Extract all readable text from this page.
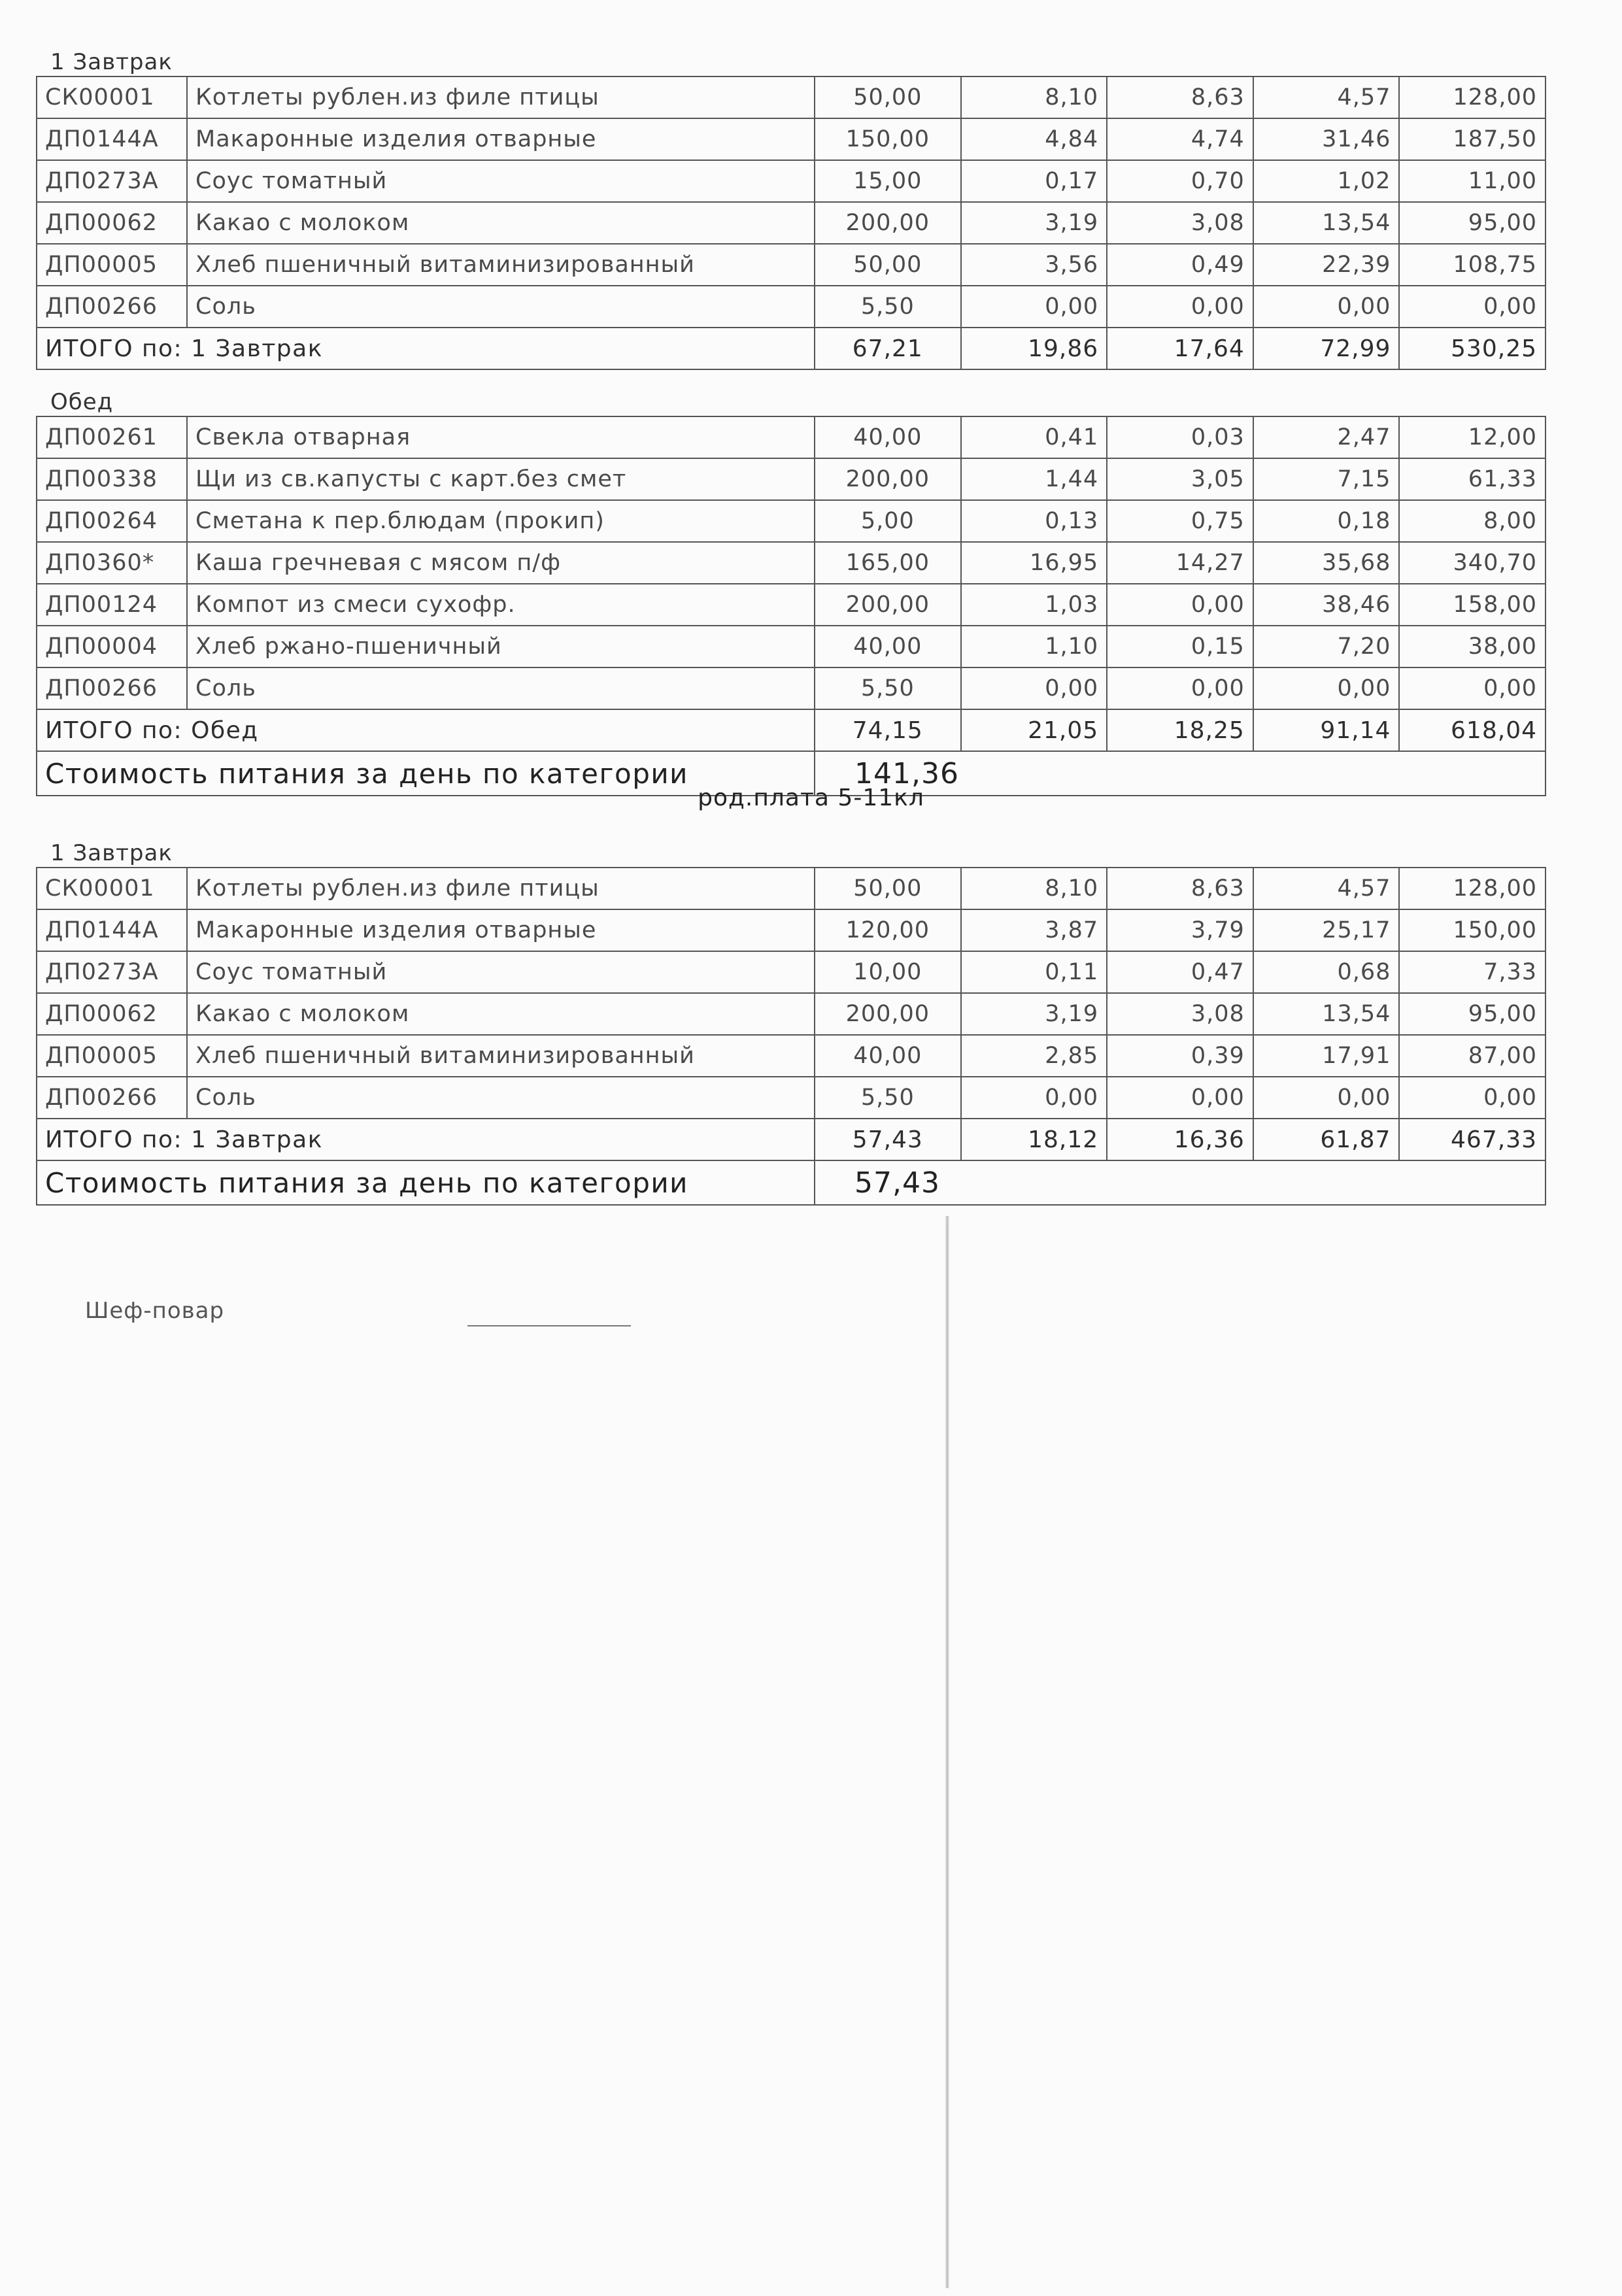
1 Завтрак
СК00001	Котлеты рублен.из филе птицы	50,00	8,10	8,63	4,57	128,00
ДП0144А	Макаронные изделия отварные	150,00	4,84	4,74	31,46	187,50
ДП0273А	Соус томатный	15,00	0,17	0,70	1,02	11,00
ДП00062	Какао с молоком	200,00	3,19	3,08	13,54	95,00
ДП00005	Хлеб пшеничный витаминизированный	50,00	3,56	0,49	22,39	108,75
ДП00266	Соль	5,50	0,00	0,00	0,00	0,00
ИТОГО по: 1 Завтрак		67,21	19,86	17,64	72,99	530,25
Обед
ДП00261	Свекла отварная	40,00	0,41	0,03	2,47	12,00
ДП00338	Щи из св.капусты с карт.без смет	200,00	1,44	3,05	7,15	61,33
ДП00264	Сметана к пер.блюдам (прокип)	5,00	0,13	0,75	0,18	8,00
ДП0360*	Каша гречневая с мясом п/ф	165,00	16,95	14,27	35,68	340,70
ДП00124	Компот из смеси сухофр.	200,00	1,03	0,00	38,46	158,00
ДП00004	Хлеб ржано-пшеничный	40,00	1,10	0,15	7,20	38,00
ДП00266	Соль	5,50	0,00	0,00	0,00	0,00
ИТОГО по: Обед		74,15	21,05	18,25	91,14	618,04
Стоимость питания за день по категории		141,36				
род.плата 5-11кл
1 Завтрак
СК00001	Котлеты рублен.из филе птицы	50,00	8,10	8,63	4,57	128,00
ДП0144А	Макаронные изделия отварные	120,00	3,87	3,79	25,17	150,00
ДП0273А	Соус томатный	10,00	0,11	0,47	0,68	7,33
ДП00062	Какао с молоком	200,00	3,19	3,08	13,54	95,00
ДП00005	Хлеб пшеничный витаминизированный	40,00	2,85	0,39	17,91	87,00
ДП00266	Соль	5,50	0,00	0,00	0,00	0,00
ИТОГО по: 1 Завтрак		57,43	18,12	16,36	61,87	467,33
Стоимость питания за день по категории		57,43				
Шеф-повар
